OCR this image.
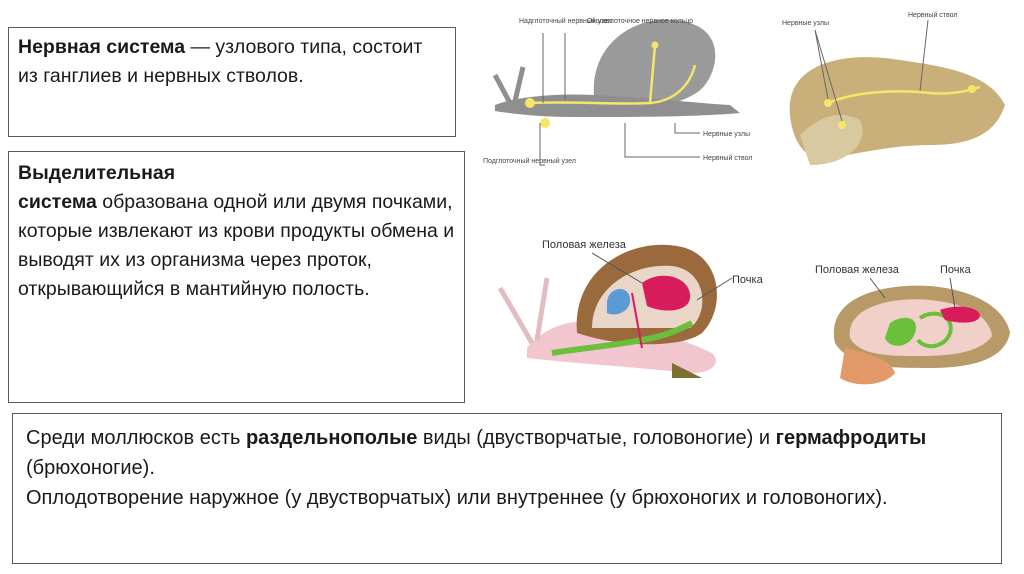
Нервная система — узлового типа, состоит из ганглиев и нервных стволов.
Выделительная
система образована одной или двумя почками, которые извлекают из крови продукты обмена и выводят их из организма через проток, открывающийся в мантийную полость.
Среди моллюсков есть раздельнополые виды (двустворчатые, головоногие) и гермафродиты (брюхоногие).
Оплодотворение наружное (у двустворчатых) или внутреннее (у брюхоногих и головоногих).
Надглоточный нервный узел
Окологлоточное нервное кольцо
Нервные узлы
Нервный ствол
Подглоточный нервный узел
Нервные узлы
Нервный ствол
Половая железа
Почка
Половая железа	Почка
